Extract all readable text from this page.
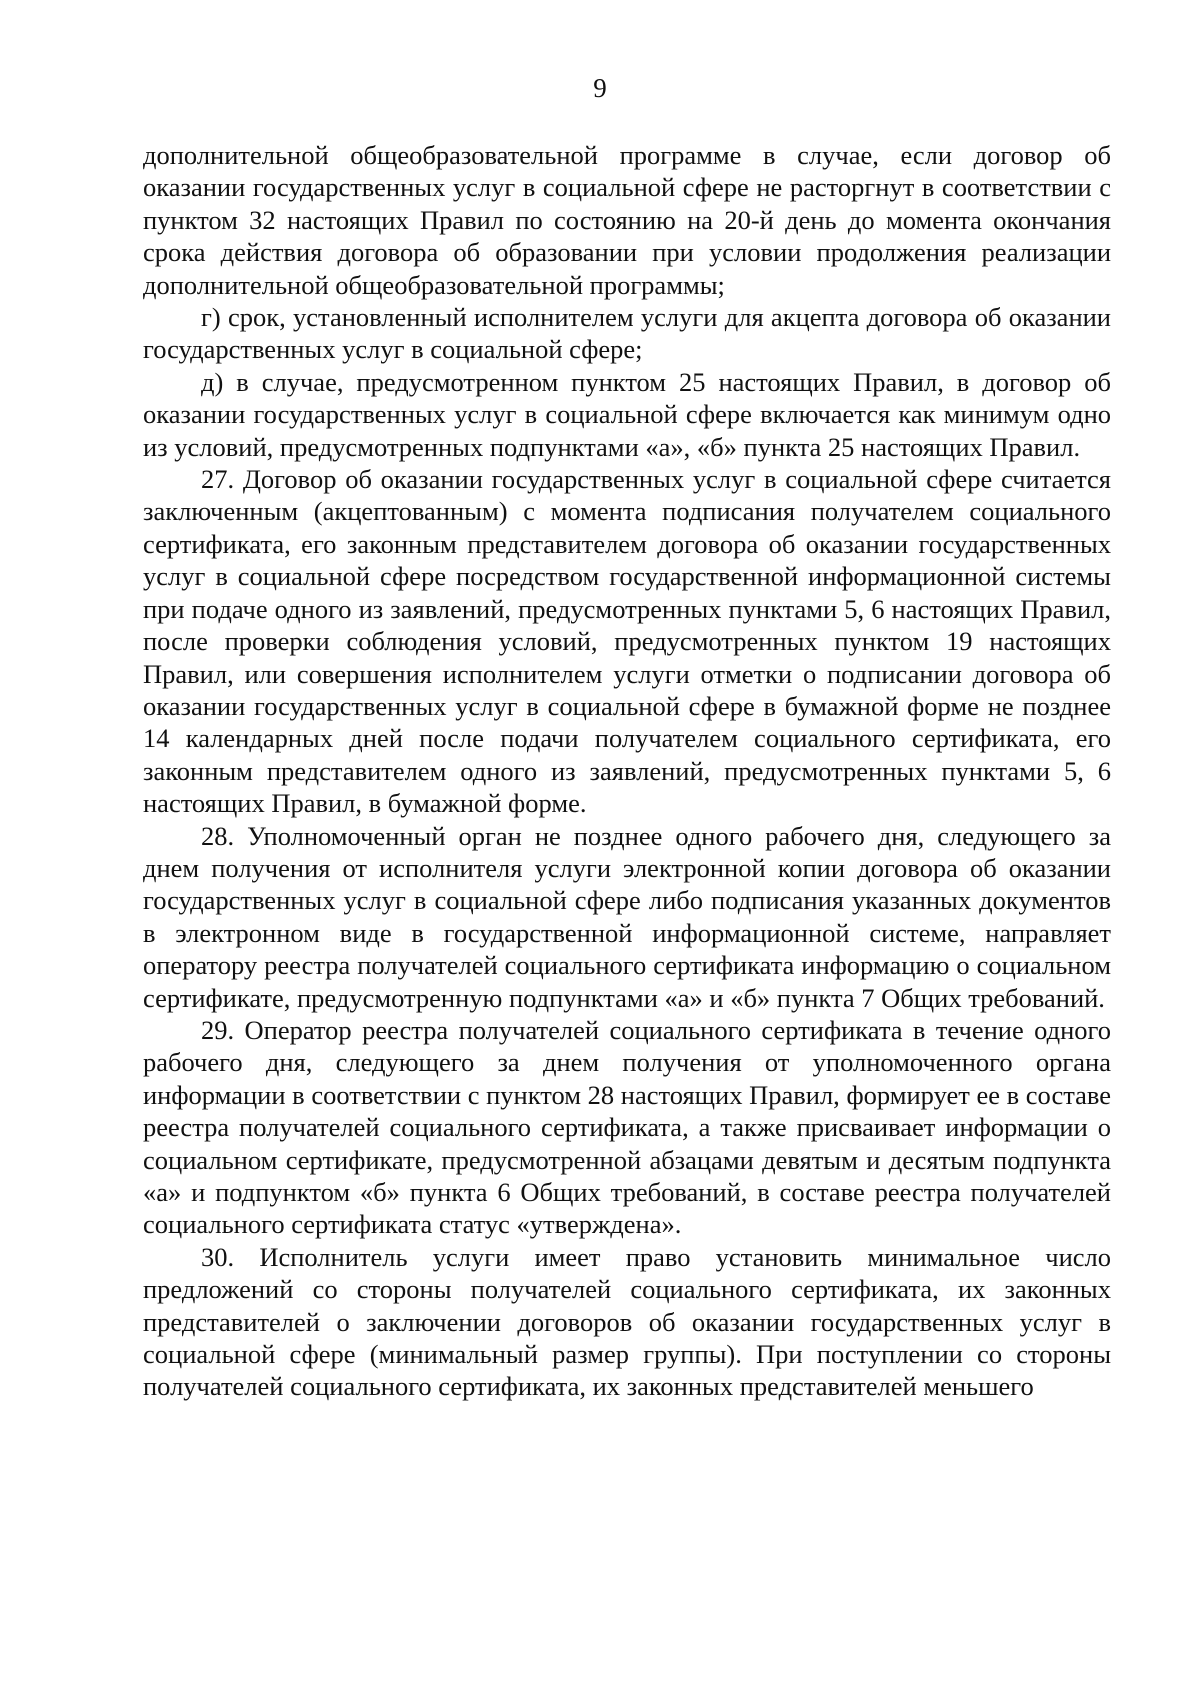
9

дополнительной общеобразовательной программе в случае, если договор об оказании государственных услуг в социальной сфере не расторгнут в соответствии с пунктом 32 настоящих Правил по состоянию на 20-й день до момента окончания срока действия договора об образовании при условии продолжения реализации дополнительной общеобразовательной программы;

г) срок, установленный исполнителем услуги для акцепта договора об оказании государственных услуг в социальной сфере;

д) в случае, предусмотренном пунктом 25 настоящих Правил, в договор об оказании государственных услуг в социальной сфере включается как минимум одно из условий, предусмотренных подпунктами «а», «б» пункта 25 настоящих Правил.

27. Договор об оказании государственных услуг в социальной сфере считается заключенным (акцептованным) с момента подписания получателем социального сертификата, его законным представителем договора об оказании государственных услуг в социальной сфере посредством государственной информационной системы при подаче одного из заявлений, предусмотренных пунктами 5, 6 настоящих Правил, после проверки соблюдения условий, предусмотренных пунктом 19 настоящих Правил, или совершения исполнителем услуги отметки о подписании договора об оказании государственных услуг в социальной сфере в бумажной форме не позднее 14 календарных дней после подачи получателем социального сертификата, его законным представителем одного из заявлений, предусмотренных пунктами 5, 6 настоящих Правил, в бумажной форме.

28. Уполномоченный орган не позднее одного рабочего дня, следующего за днем получения от исполнителя услуги электронной копии договора об оказании государственных услуг в социальной сфере либо подписания указанных документов в электронном виде в государственной информационной системе, направляет оператору реестра получателей социального сертификата информацию о социальном сертификате, предусмотренную подпунктами «а» и «б» пункта 7 Общих требований.

29. Оператор реестра получателей социального сертификата в течение одного рабочего дня, следующего за днем получения от уполномоченного органа информации в соответствии с пунктом 28 настоящих Правил, формирует ее в составе реестра получателей социального сертификата, а также присваивает информации о социальном сертификате, предусмотренной абзацами девятым и десятым подпункта «а» и подпунктом «б» пункта 6 Общих требований, в составе реестра получателей социального сертификата статус «утверждена».

30. Исполнитель услуги имеет право установить минимальное число предложений со стороны получателей социального сертификата, их законных представителей о заключении договоров об оказании государственных услуг в социальной сфере (минимальный размер группы). При поступлении со стороны получателей социального сертификата, их законных представителей меньшего
